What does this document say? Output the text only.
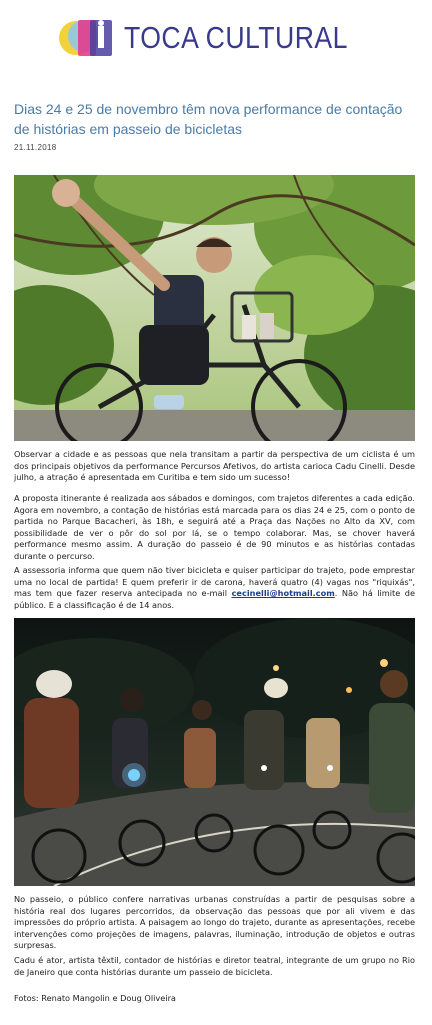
TOCA CULTURAL
Dias 24 e 25 de novembro têm nova performance de contação de histórias em passeio de bicicletas
21.11.2018

Observar a cidade e as pessoas que nela transitam a partir da perspectiva de um ciclista é um dos principais objetivos da performance Percursos Afetivos, do artista carioca Cadu Cinelli. Desde julho, a atração é apresentada em Curitiba e tem sido um sucesso!

A proposta itinerante é realizada aos sábados e domingos, com trajetos diferentes a cada edição. Agora em novembro, a contação de histórias está marcada para os dias 24 e 25, com o ponto de partida no Parque Bacacheri, às 18h, e seguirá até a Praça das Nações no Alto da XV, com possibilidade de ver o pôr do sol por lá, se o tempo colaborar. Mas, se chover haverá performance mesmo assim. A duração do passeio é de 90 minutos e as histórias contadas durante o percurso.

A assessoria informa que quem não tiver bicicleta e quiser participar do trajeto, pode emprestar uma no local de partida! E quem preferir ir de carona, haverá quatro (4) vagas nos "riquixás", mas tem que fazer reserva antecipada no e-mail cecinelli@hotmail.com. Não há limite de público. E a classificação é de 14 anos.

No passeio, o público confere narrativas urbanas construídas a partir de pesquisas sobre a história real dos lugares percorridos, da observação das pessoas que por ali vivem e das impressões do próprio artista. A paisagem ao longo do trajeto, durante as apresentações, recebe intervenções como projeções de imagens, palavras, iluminação, introdução de objetos e outras surpresas.

Cadu é ator, artista têxtil, contador de histórias e diretor teatral, integrante de um grupo no Rio de Janeiro que conta histórias durante um passeio de bicicleta.

Fotos: Renato Mangolin e Doug Oliveira
